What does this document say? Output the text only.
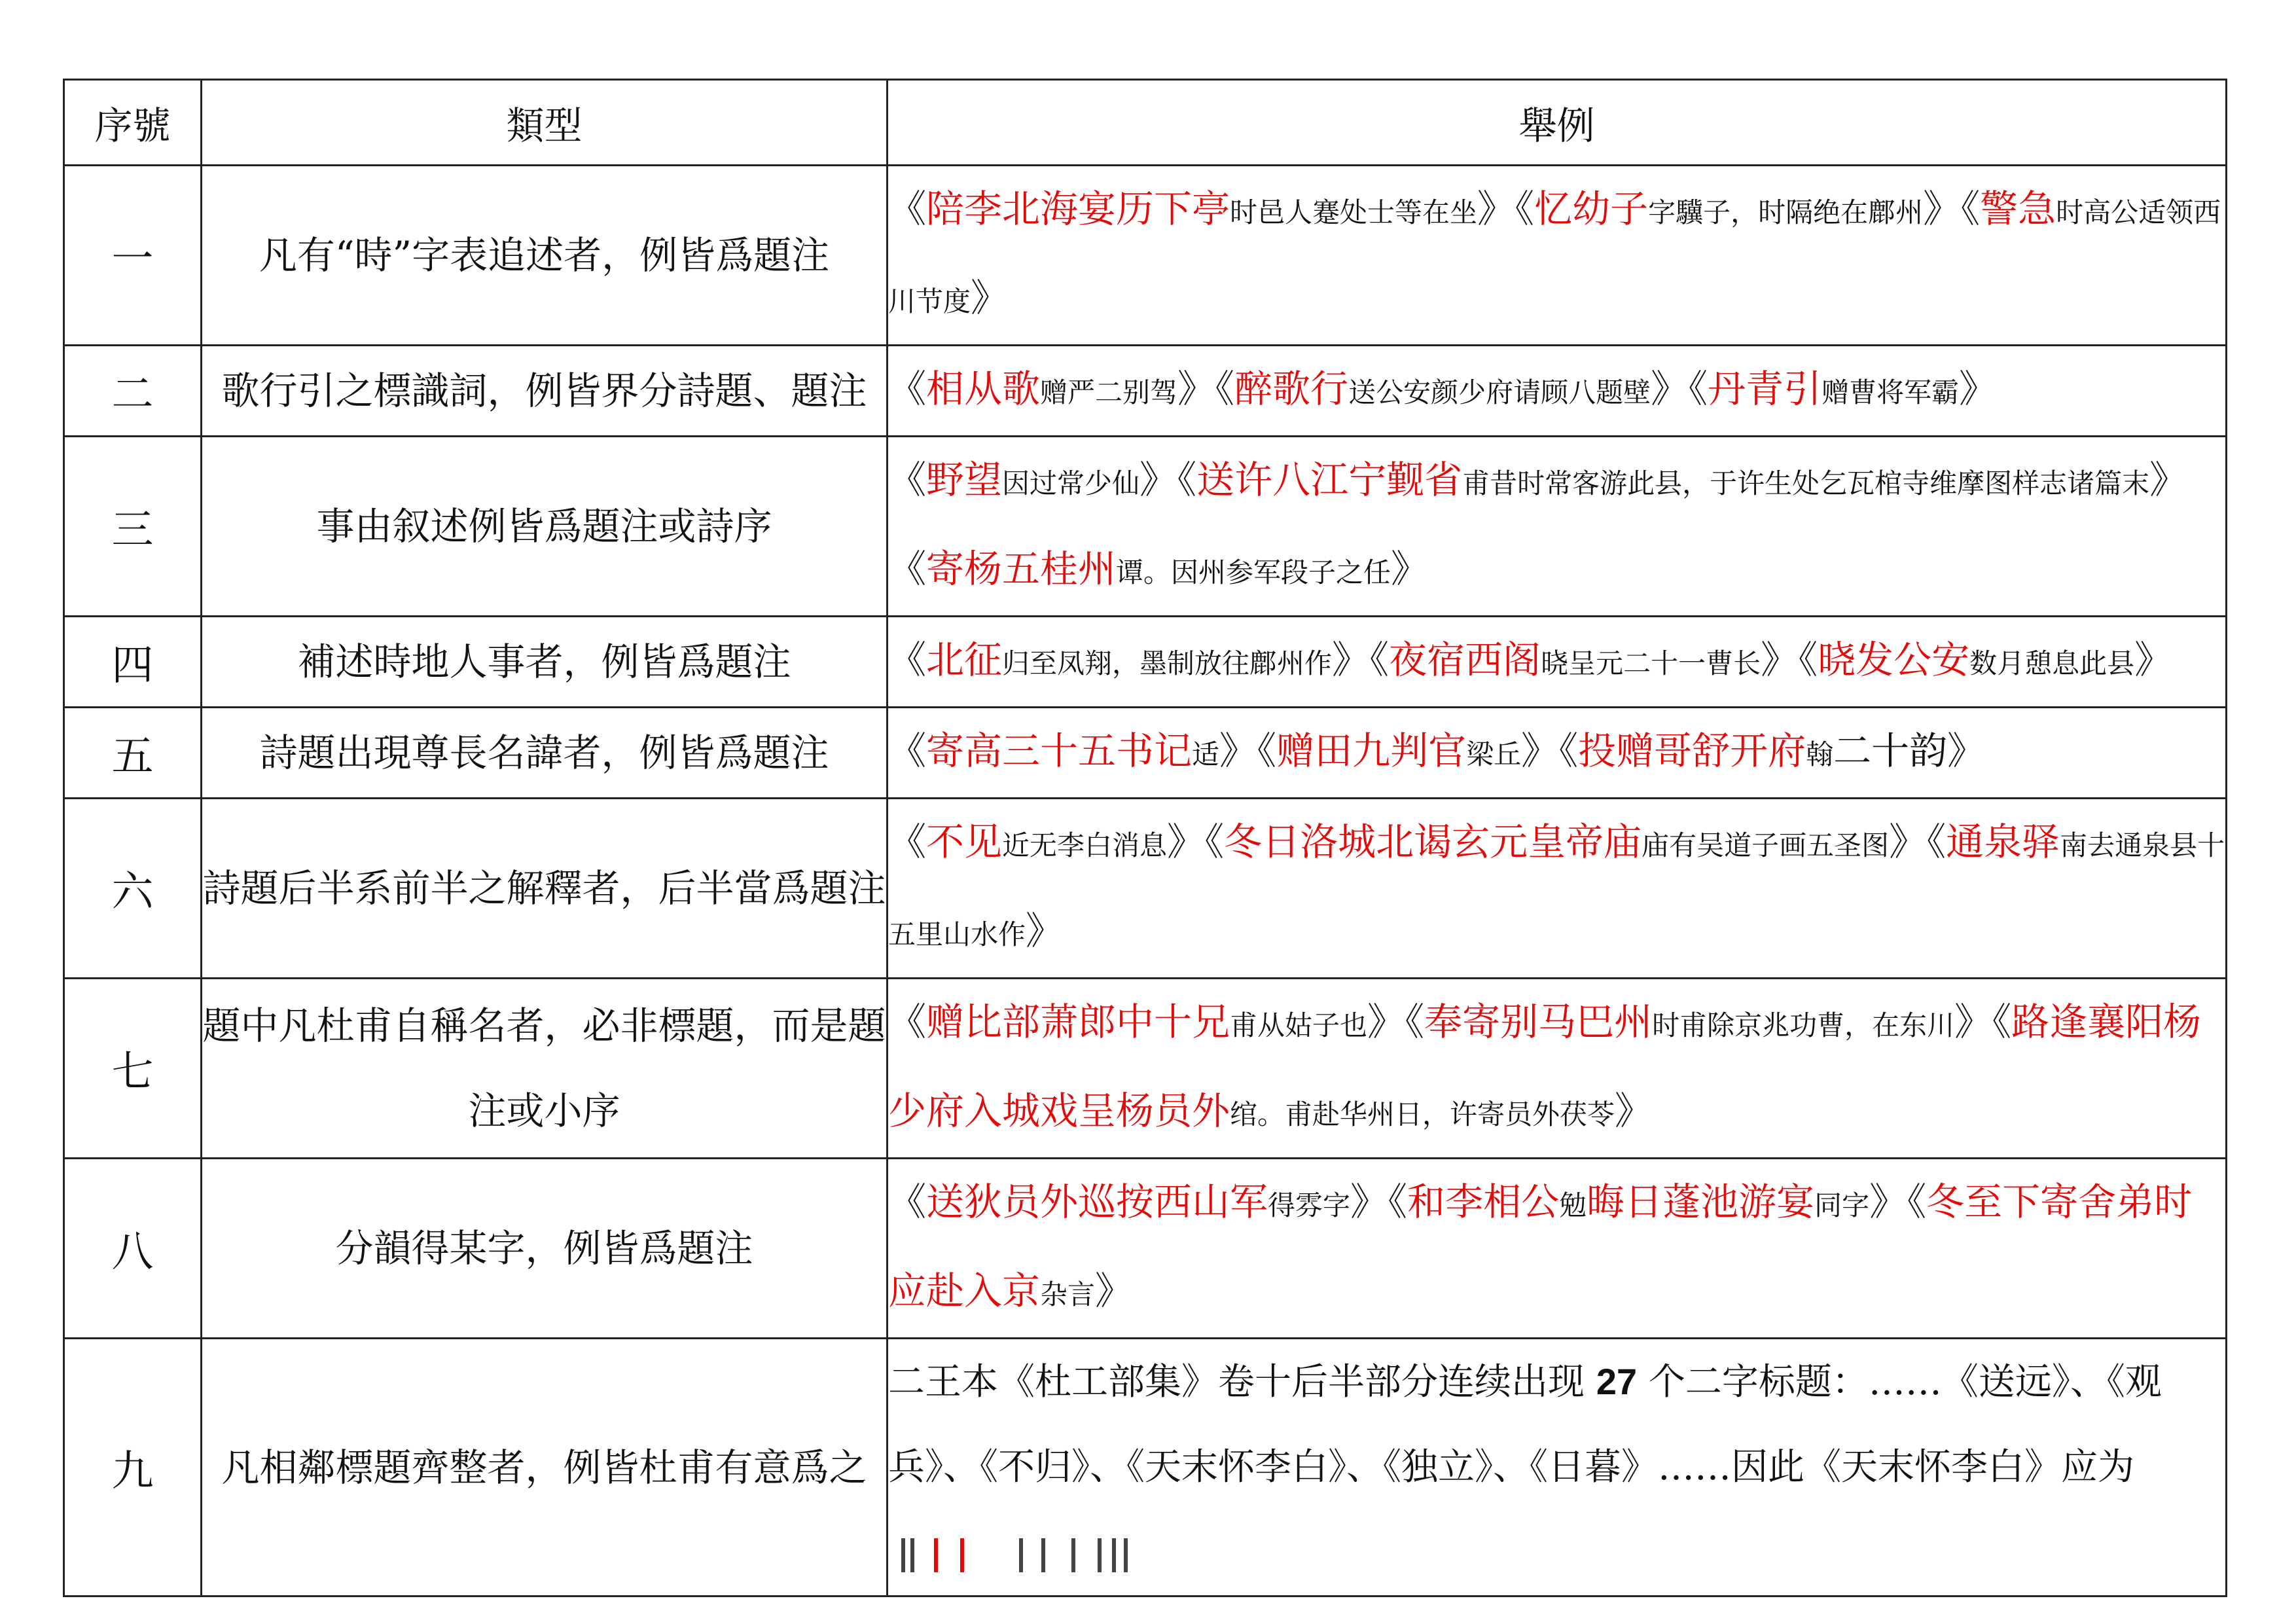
序號	類型	舉例
一	凡有“時”字表追述者，例皆爲題注	《陪李北海宴历下亭时邑人蹇处士等在坐》《忆幼子字驥子，时隔绝在鄜州》《警急时高公适领西川节度》
二	歌行引之標識詞，例皆界分詩題、題注	《相从歌赠严二别驾》《醉歌行送公安颜少府请顾八题壁》《丹青引赠曹将军霸》
三	事由叙述例皆爲題注或詩序	《野望因过常少仙》《送许八江宁觐省甫昔时常客游此县，于许生处乞瓦棺寺维摩图样志诸篇末》《寄杨五桂州谭。因州参军段子之任》
四	補述時地人事者，例皆爲題注	《北征归至凤翔，墨制放往鄜州作》《夜宿西阁晓呈元二十一曹长》《晓发公安数月憩息此县》
五	詩題出現尊長名諱者，例皆爲題注	《寄高三十五书记适》《赠田九判官梁丘》《投赠哥舒开府翰二十韵》
六	詩題后半系前半之解釋者，后半當爲題注	《不见近无李白消息》《冬日洛城北谒玄元皇帝庙庙有吴道子画五圣图》《通泉驿南去通泉县十五里山水作》
七	題中凡杜甫自稱名者，必非標題，而是題注或小序	《赠比部萧郎中十兄甫从姑子也》《奉寄别马巴州时甫除京兆功曹，在东川》《路逢襄阳杨少府入城戏呈杨员外绾。甫赴华州日，许寄员外茯苓》
八	分韻得某字，例皆爲題注	《送狄员外巡按西山军得雰字》《和李相公勉晦日蓬池游宴同字》《冬至下寄舍弟时应赴入京杂言》
九	凡相鄰標題齊整者，例皆杜甫有意爲之	二王本《杜工部集》卷十后半部分连续出现 27 个二字标题：……《送远》、《观兵》、《不归》、《天末怀李白》、《独立》、《日暮》……因此《天末怀李白》应为
